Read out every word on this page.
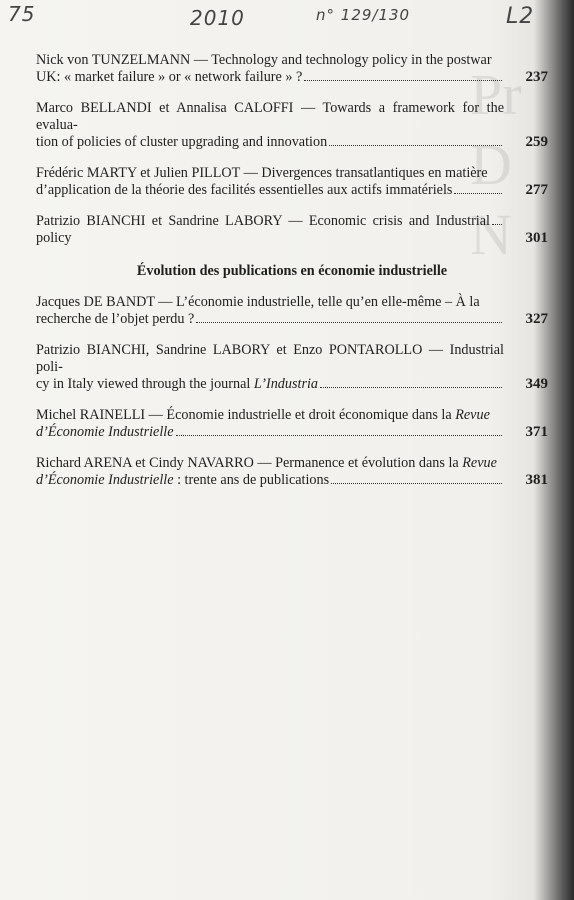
Pr
D
N
75	2010	n° 129/130	L2
Nick von TUNZELMANN — Technology and technology policy in the postwar
UK: « market failure » or « network failure » ?	237
Marco BELLANDI et Annalisa CALOFFI — Towards a framework for the evalua-
tion of policies of cluster upgrading and innovation	259
Frédéric MARTY et Julien PILLOT — Divergences transatlantiques en matière
d’application de la théorie des facilités essentielles aux actifs immatériels	277
Patrizio BIANCHI et Sandrine LABORY — Economic crisis and Industrial policy	301
Évolution des publications en économie industrielle
Jacques DE BANDT — L’économie industrielle, telle qu’en elle-même – À la
recherche de l’objet perdu ?	327
Patrizio BIANCHI, Sandrine LABORY et Enzo PONTAROLLO — Industrial poli-
cy in Italy viewed through the journal L’Industria	349
Michel RAINELLI — Économie industrielle et droit économique dans la Revue
d’Économie Industrielle	371
Richard ARENA et Cindy NAVARRO — Permanence et évolution dans la Revue
d’Économie Industrielle : trente ans de publications	381
